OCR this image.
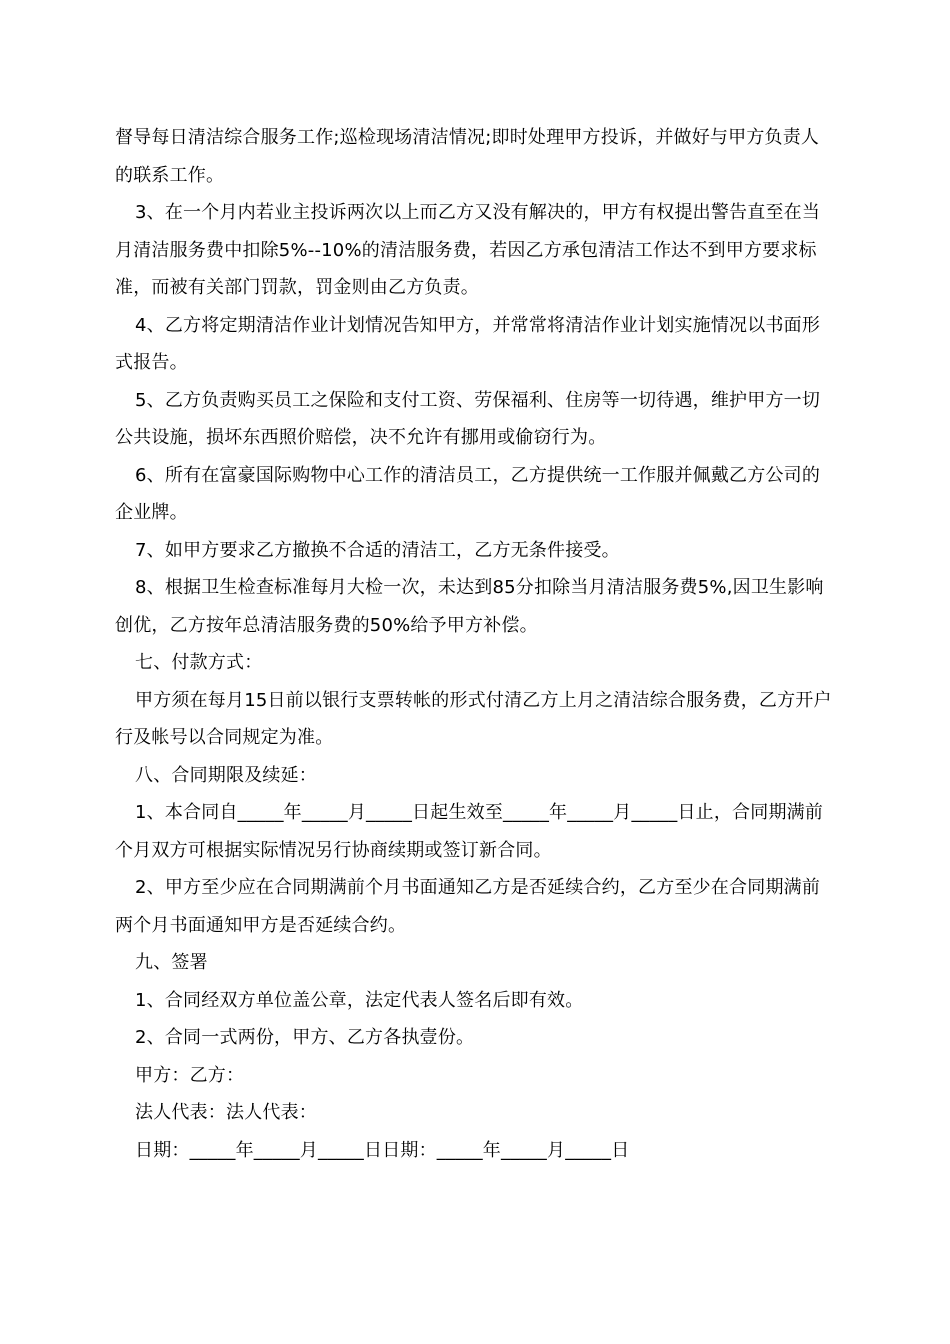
督导每日清洁综合服务工作;巡检现场清洁情况;即时处理甲方投诉，并做好与甲方负责人的联系工作。

3、在一个月内若业主投诉两次以上而乙方又没有解决的，甲方有权提出警告直至在当月清洁服务费中扣除5%--10%的清洁服务费，若因乙方承包清洁工作达不到甲方要求标准，而被有关部门罚款，罚金则由乙方负责。

4、乙方将定期清洁作业计划情况告知甲方，并常常将清洁作业计划实施情况以书面形式报告。

5、乙方负责购买员工之保险和支付工资、劳保福利、住房等一切待遇，维护甲方一切公共设施，损坏东西照价赔偿，决不允许有挪用或偷窃行为。

6、所有在富豪国际购物中心工作的清洁员工，乙方提供统一工作服并佩戴乙方公司的企业牌。

7、如甲方要求乙方撤换不合适的清洁工，乙方无条件接受。

8、根据卫生检查标准每月大检一次，未达到85分扣除当月清洁服务费5%,因卫生影响创优，乙方按年总清洁服务费的50%给予甲方补偿。

七、付款方式：

甲方须在每月15日前以银行支票转帐的形式付清乙方上月之清洁综合服务费，乙方开户行及帐号以合同规定为准。

八、合同期限及续延：

1、本合同自_____年_____月_____日起生效至_____年_____月_____日止，合同期满前个月双方可根据实际情况另行协商续期或签订新合同。

2、甲方至少应在合同期满前个月书面通知乙方是否延续合约，乙方至少在合同期满前两个月书面通知甲方是否延续合约。

九、签署

1、合同经双方单位盖公章，法定代表人签名后即有效。

2、合同一式两份，甲方、乙方各执壹份。

甲方：乙方：

法人代表：法人代表：

日期：_____年_____月_____日日期：_____年_____月_____日
